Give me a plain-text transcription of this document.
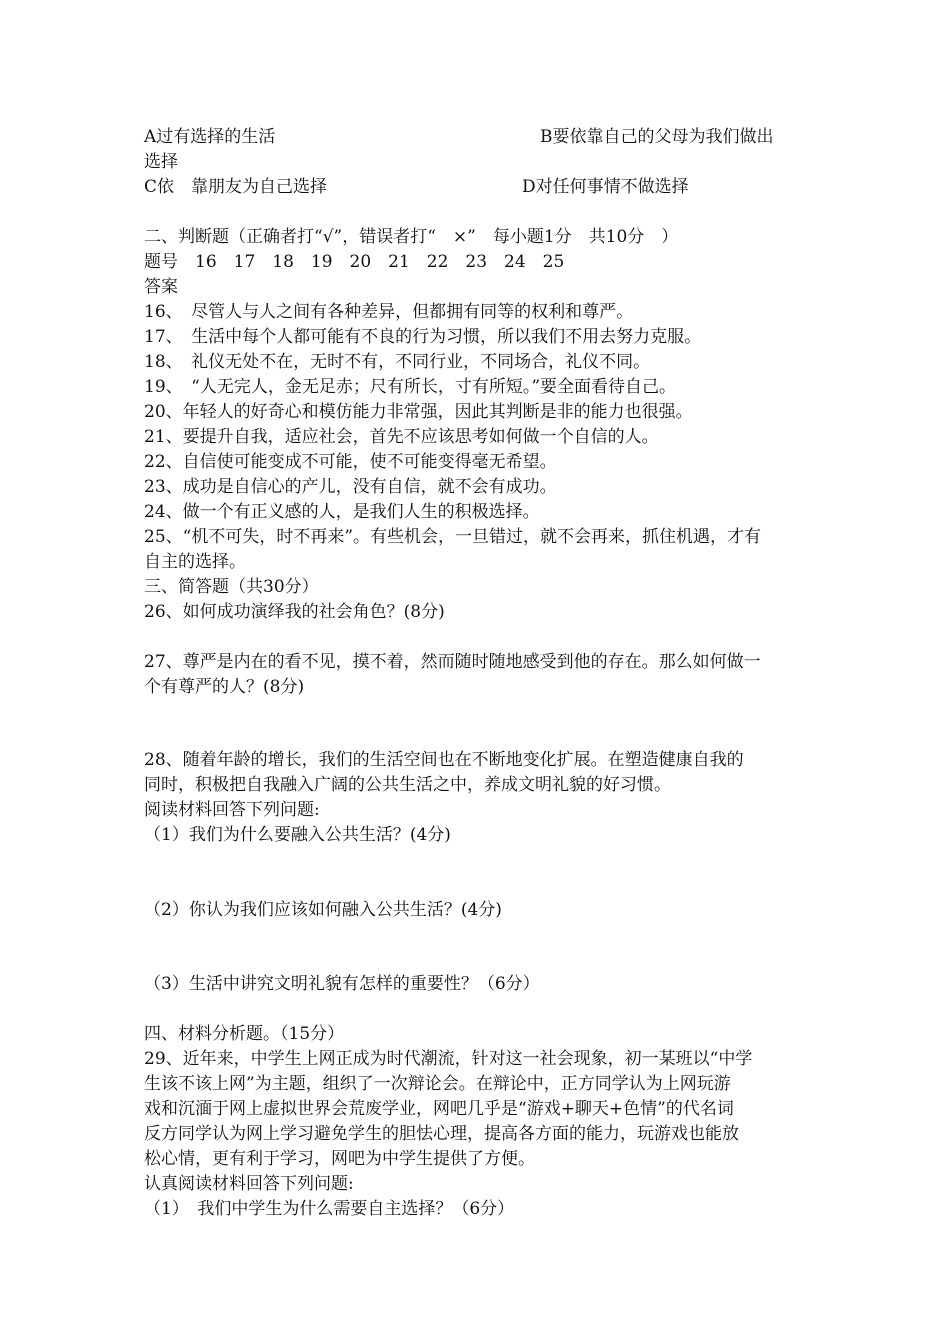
A过有选择的生活	B要依靠自己的父母为我们做出
选择
C依　靠朋友为自己选择	D对任何事情不做选择
二、判断题（正确者打“√”，错误者打“　×”　每小题1分　共10分　）
题号　16　17　18　19　20　21　22　23　24　25
答案
16、　尽管人与人之间有各种差异，但都拥有同等的权利和尊严。
17、　生活中每个人都可能有不良的行为习惯，所以我们不用去努力克服。
18、　礼仪无处不在，无时不有，不同行业，不同场合，礼仪不同。
19、　“人无完人，金无足赤；尺有所长，寸有所短。”要全面看待自己。
20、年轻人的好奇心和模仿能力非常强，因此其判断是非的能力也很强。
21、要提升自我，适应社会，首先不应该思考如何做一个自信的人。
22、自信使可能变成不可能，使不可能变得毫无希望。
23、成功是自信心的产儿，没有自信，就不会有成功。
24、做一个有正义感的人，是我们人生的积极选择。
25、“机不可失，时不再来”。有些机会，一旦错过，就不会再来，抓住机遇，才有
自主的选择。
三、简答题（共30分）
26、如何成功演绎我的社会角色？(8分)
27、尊严是内在的看不见，摸不着，然而随时随地感受到他的存在。那么如何做一
个有尊严的人？(8分)
28、随着年龄的增长，我们的生活空间也在不断地变化扩展。在塑造健康自我的
同时，积极把自我融入广阔的公共生活之中，养成文明礼貌的好习惯。
阅读材料回答下列问题:
（1）我们为什么要融入公共生活？(4分)
（2）你认为我们应该如何融入公共生活？(4分)
（3）生活中讲究文明礼貌有怎样的重要性？（6分）
四、材料分析题。（15分）
29、近年来，中学生上网正成为时代潮流，针对这一社会现象，初一某班以“中学
生该不该上网”为主题，组织了一次辩论会。在辩论中，正方同学认为上网玩游
戏和沉湎于网上虚拟世界会荒废学业，网吧几乎是“游戏+聊天+色情”的代名词
反方同学认为网上学习避免学生的胆怯心理，提高各方面的能力，玩游戏也能放
松心情，更有利于学习，网吧为中学生提供了方便。
认真阅读材料回答下列问题:
（1）　我们中学生为什么需要自主选择？（6分）
